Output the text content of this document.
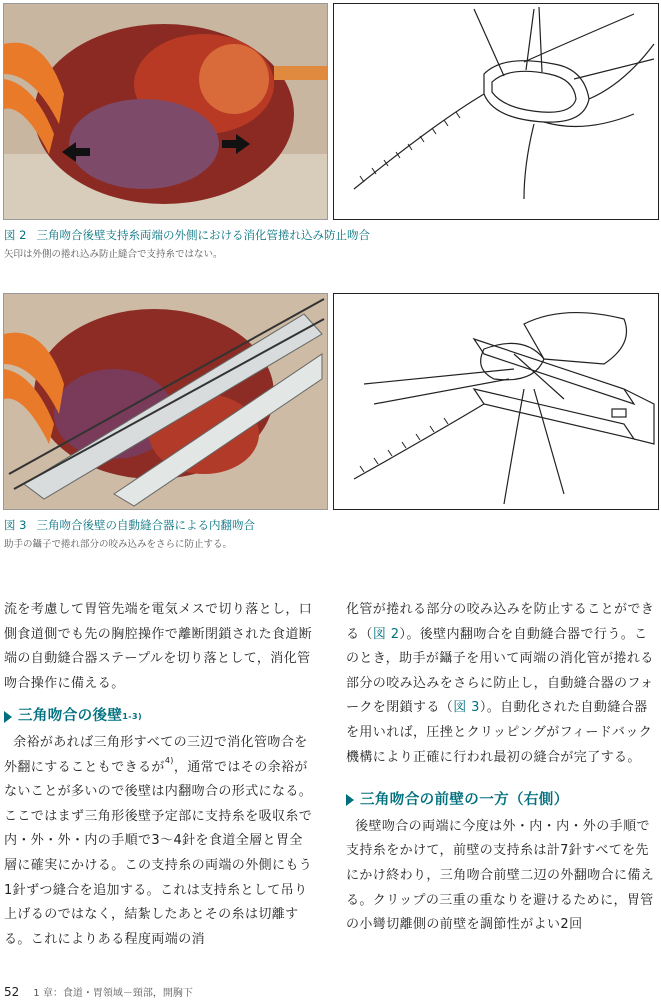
図 2 三角吻合後壁支持糸両端の外側における消化管捲れ込み防止吻合
矢印は外側の捲れ込み防止縫合で支持糸ではない。
図 3 三角吻合後壁の自動縫合器による内翻吻合
助手の鑷子で捲れ部分の咬み込みをさらに防止する。

流を考慮して胃管先端を電気メスで切り落とし，口側食道側でも先の胸腔操作で離断閉鎖された食道断端の自動縫合器ステープルを切り落として，消化管吻合操作に備える。

三角吻合の後壁 1-3)

余裕があれば三角形すべての三辺で消化管吻合を外翻にすることもできるが$^{4)}$，通常ではその余裕がないことが多いので後壁は内翻吻合の形式になる。ここではまず三角形後壁予定部に支持糸を吸収糸で内・外・外・内の手順で3～4針を食道全層と胃全層に確実にかける。この支持糸の両端の外側にもう1針ずつ縫合を追加する。これは支持糸として吊り上げるのではなく，結紮したあとその糸は切離する。これによりある程度両端の消

化管が捲れる部分の咬み込みを防止することができる（図 2）。後壁内翻吻合を自動縫合器で行う。このとき，助手が鑷子を用いて両端の消化管が捲れる部分の咬み込みをさらに防止し，自動縫合器のフォークを閉鎖する（図 3）。自動化された自動縫合器を用いれば，圧挫とクリッピングがフィードバック機構により正確に行われ最初の縫合が完了する。

三角吻合の前壁の一方（右側）

後壁吻合の両端に今度は外・内・内・外の手順で支持糸をかけて，前壁の支持糸は計7針すべてを先にかけ終わり，三角吻合前壁二辺の外翻吻合に備える。クリップの三重の重なりを避けるために，胃管の小彎切離側の前壁を調節性がよい2回

52 1 章：食道・胃領域－頸部，開胸下
